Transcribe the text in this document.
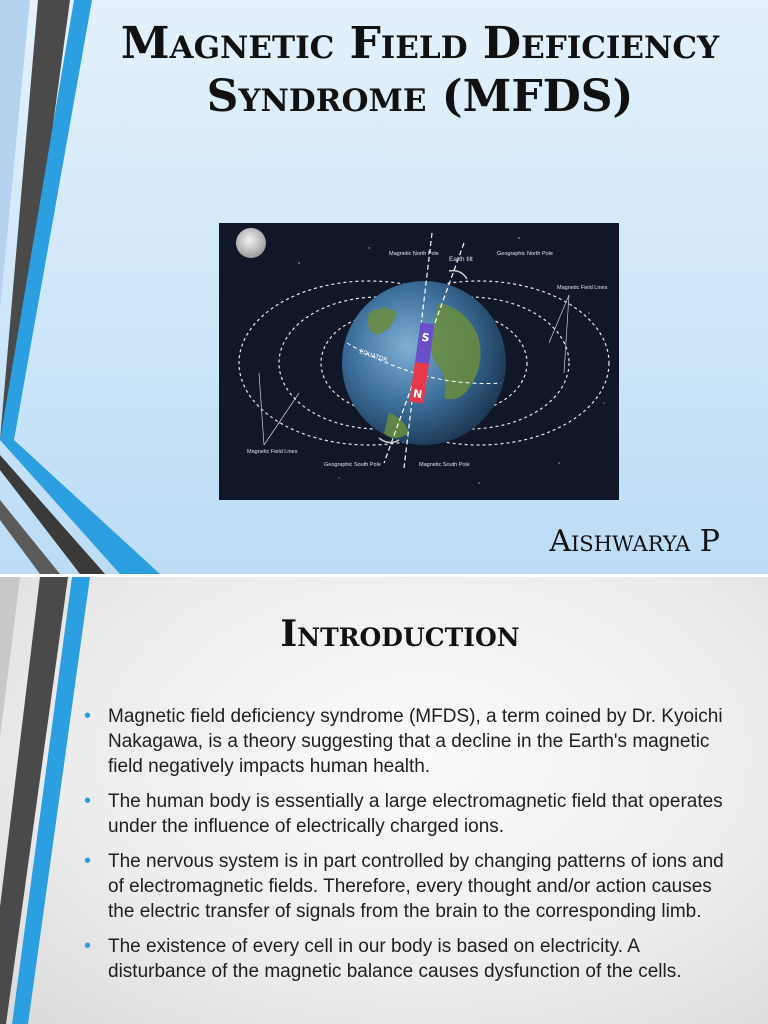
Magnetic Field Deficiency Syndrome (MFDS)
EQUATOR
S
N
Magnetic North Pole
Earth tilt
Geographic North Pole
Magnetic Field Lines
Magnetic Field Lines
Geographic South Pole	Magnetic South Pole
Aishwarya P
Introduction
• Magnetic field deficiency syndrome (MFDS), a term coined by Dr. Kyoichi Nakagawa, is a theory suggesting that a decline in the Earth's magnetic field negatively impacts human health.
• The human body is essentially a large electromagnetic field that operates under the influence of electrically charged ions.
• The nervous system is in part controlled by changing patterns of ions and of electromagnetic fields. Therefore, every thought and/or action causes the electric transfer of signals from the brain to the corresponding limb.
• The existence of every cell in our body is based on electricity. A disturbance of the magnetic balance causes dysfunction of the cells.
